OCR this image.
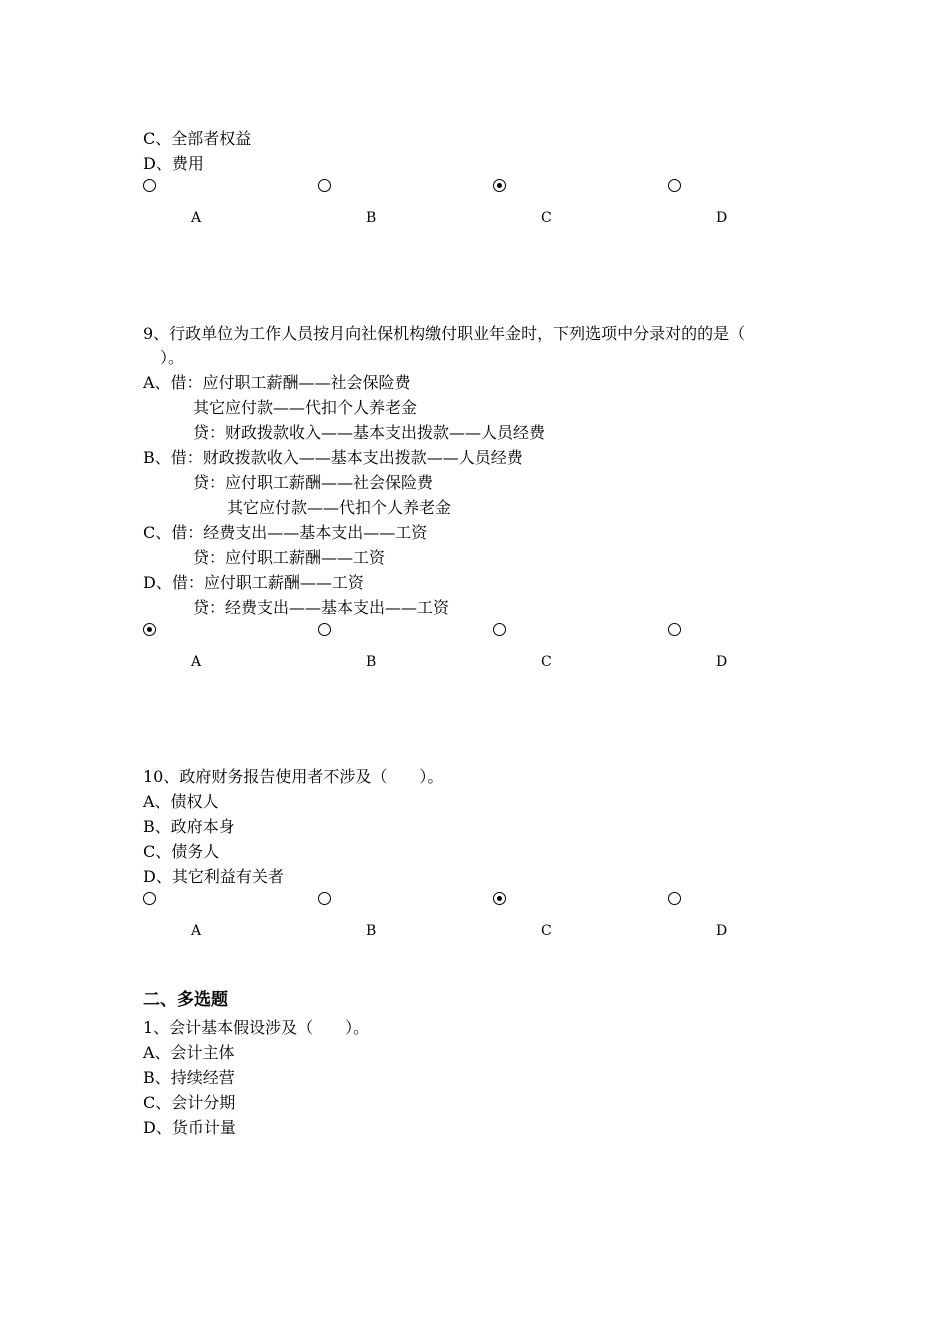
C、全部者权益
D、费用
A	B	C	D
9、行政单位为工作人员按月向社保机构缴付职业年金时，下列选项中分录对的的是（
）。
A、借：应付职工薪酬——社会保险费
其它应付款——代扣个人养老金
贷：财政拨款收入——基本支出拨款——人员经费
B、借：财政拨款收入——基本支出拨款——人员经费
贷：应付职工薪酬——社会保险费
其它应付款——代扣个人养老金
C、借：经费支出——基本支出——工资
贷：应付职工薪酬——工资
D、借：应付职工薪酬——工资
贷：经费支出——基本支出——工资
A	B	C	D
10、政府财务报告使用者不涉及（　　）。
A、债权人
B、政府本身
C、债务人
D、其它利益有关者
A	B	C	D
二、多选题
1、会计基本假设涉及（　　）。
A、会计主体
B、持续经营
C、会计分期
D、货币计量
